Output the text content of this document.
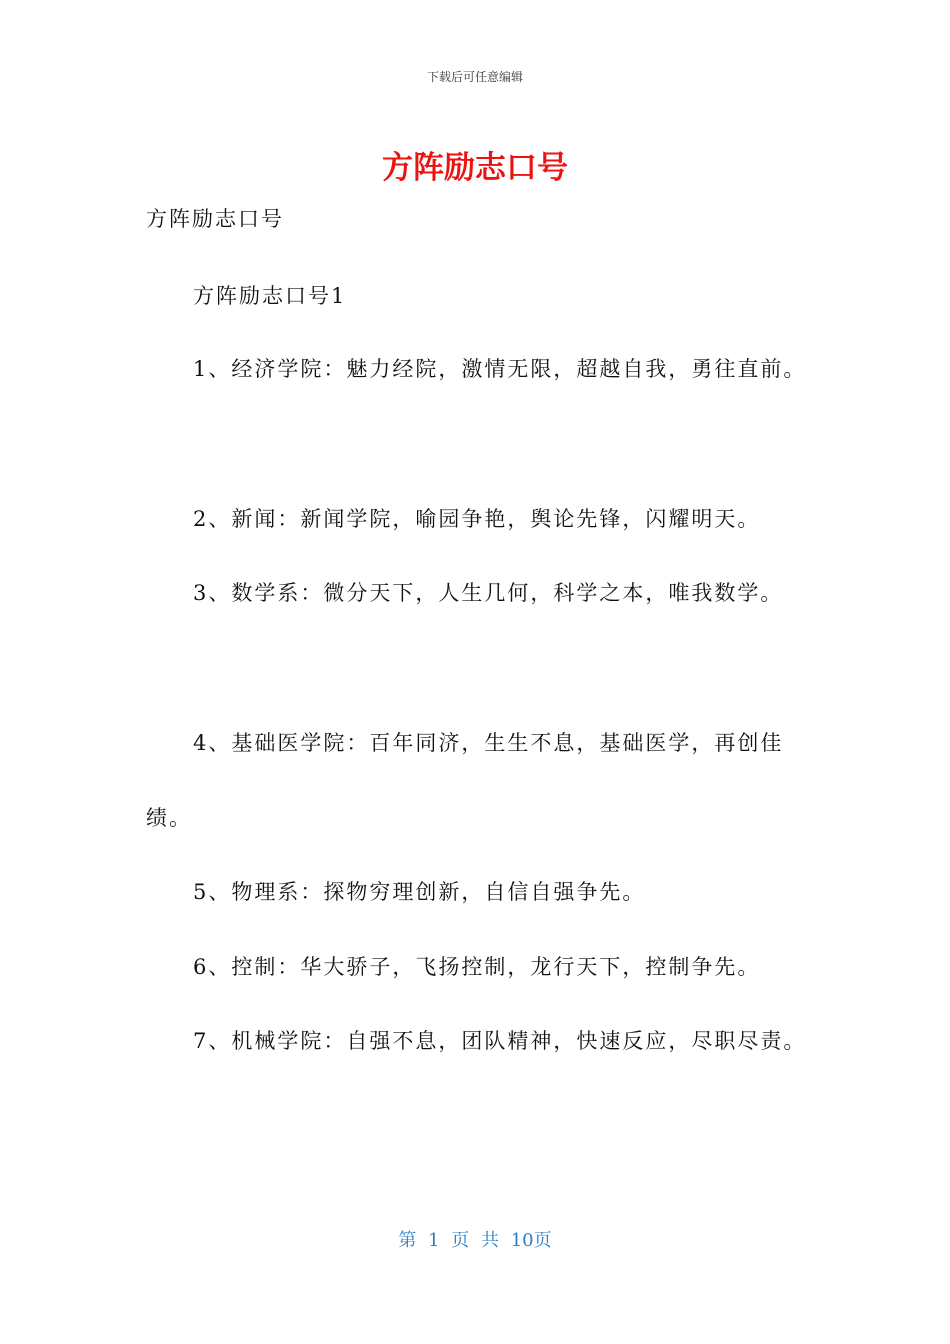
下载后可任意编辑
方阵励志口号
方阵励志口号
方阵励志口号1
1、经济学院：魅力经院，激情无限，超越自我，勇往直前。
2、新闻：新闻学院，喻园争艳，舆论先锋，闪耀明天。
3、数学系：微分天下，人生几何，科学之本，唯我数学。
4、基础医学院：百年同济，生生不息，基础医学，再创佳
绩。
5、物理系：探物穷理创新，自信自强争先。
6、控制：华大骄子，飞扬控制，龙行天下，控制争先。
7、机械学院：自强不息，团队精神，快速反应，尽职尽责。
第 1 页 共 10页
